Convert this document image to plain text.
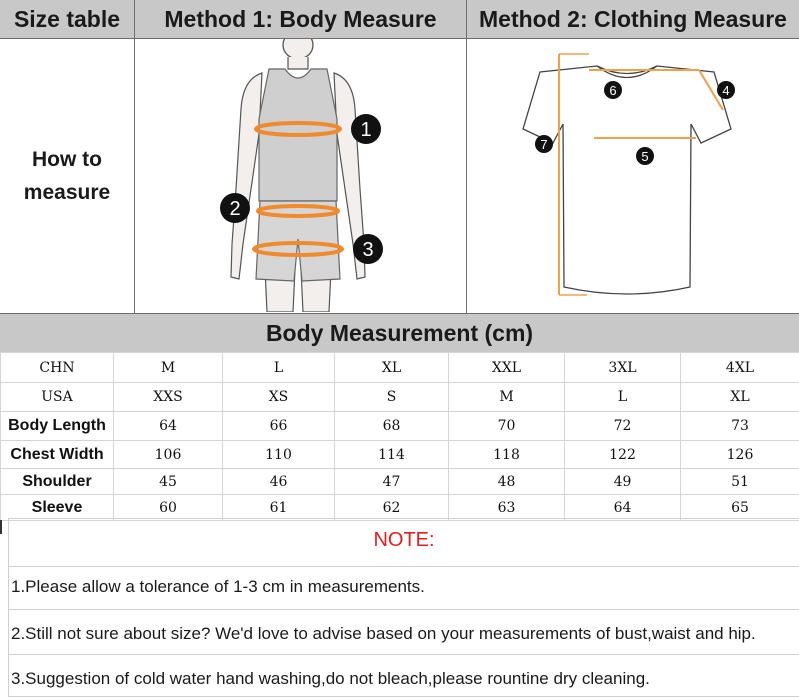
Size table	Method 1: Body Measure	Method 2: Clothing Measure
How to
measure
1
2
3
6	4
7
5
Body Measurement (cm)
CHN	M	L	XL	XXL	3XL	4XL
USA	XXS	XS	S	M	L	XL
Body Length	64	66	68	70	72	73
Chest Width	106	110	114	118	122	126
Shoulder	45	46	47	48	49	51
Sleeve	60	61	62	63	64	65
NOTE:
1.Please allow a tolerance of 1-3 cm in measurements.
2.Still not sure about size? We'd love to advise based on your measurements of bust,waist and hip.
3.Suggestion of cold water hand washing,do not bleach,please rountine dry cleaning.
